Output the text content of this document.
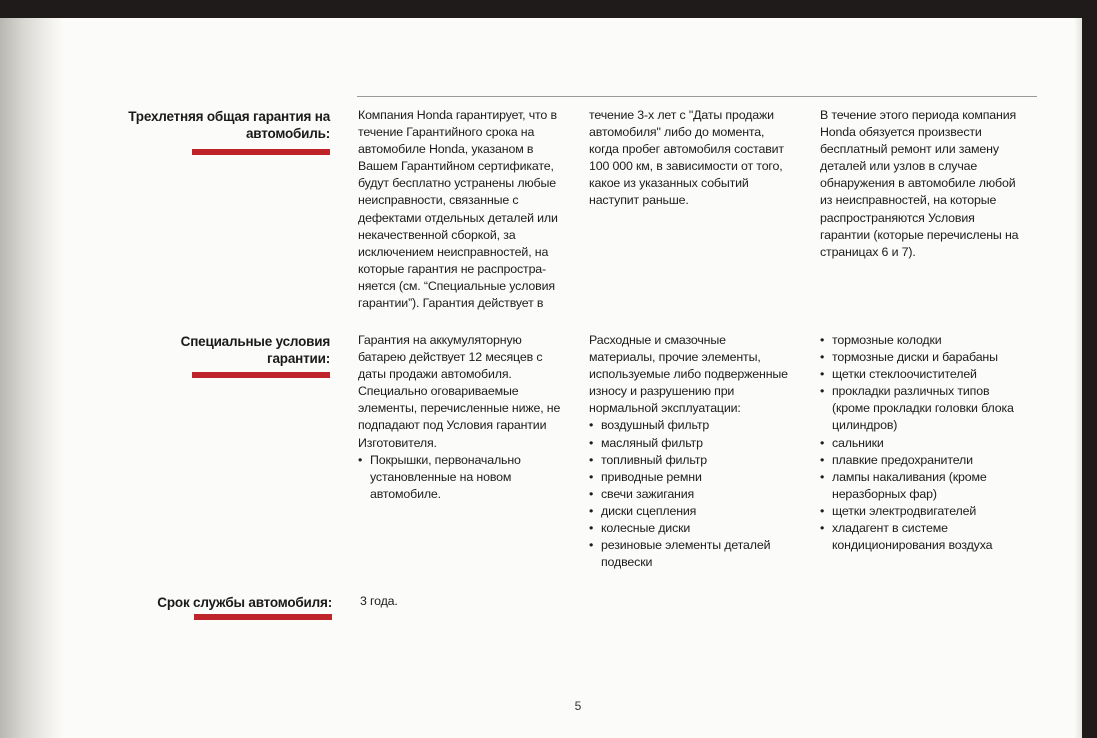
Трехлетняя общая гарантия на
автомобиль:

Компания Honda гарантирует, что в течение Гарантийного срока на автомобиле Honda, указаном в Вашем Гарантийном сертификате, будут бесплатно устранены любые неисправности, связанные с дефектами отдельных деталей или некачественной сборкой, за исключением неисправностей, на которые гарантия не распростра-няется (см. “Специальные условия гарантии”). Гарантия действует в

течение 3-х лет с "Даты продажи автомобиля" либо до момента, когда пробег автомобиля составит 100 000 км, в зависимости от того, какое из указанных событий наступит раньше.

В течение этого периода компания Honda обязуется произвести бесплатный ремонт или замену деталей или узлов в случае обнаружения в автомобиле любой из неисправностей, на которые распространяются Условия гарантии (которые перечислены на страницах 6 и 7).

Специальные условия
гарантии:

Гарантия на аккумуляторную батарею действует 12 месяцев с даты продажи автомобиля. Специально оговариваемые элементы, перечисленные ниже, не подпадают под Условия гарантии Изготовителя.

• Покрышки, первоначально установленные на новом автомобиле.

Расходные и смазочные материалы, прочие элементы, используемые либо подверженные износу и разрушению при нормальной эксплуатации:

• воздушный фильтр
• масляный фильтр
• топливный фильтр
• приводные ремни
• свечи зажигания
• диски сцепления
• колесные диски
• резиновые элементы деталей подвески
• тормозные колодки
• тормозные диски и барабаны
• щетки стеклоочистителей
• прокладки различных типов (кроме прокладки головки блока цилиндров)
• сальники
• плавкие предохранители
• лампы накаливания (кроме неразборных фар)
• щетки электродвигателей
• хладагент в системе кондиционирования воздуха
Срок службы автомобиля: 3 года.

5
